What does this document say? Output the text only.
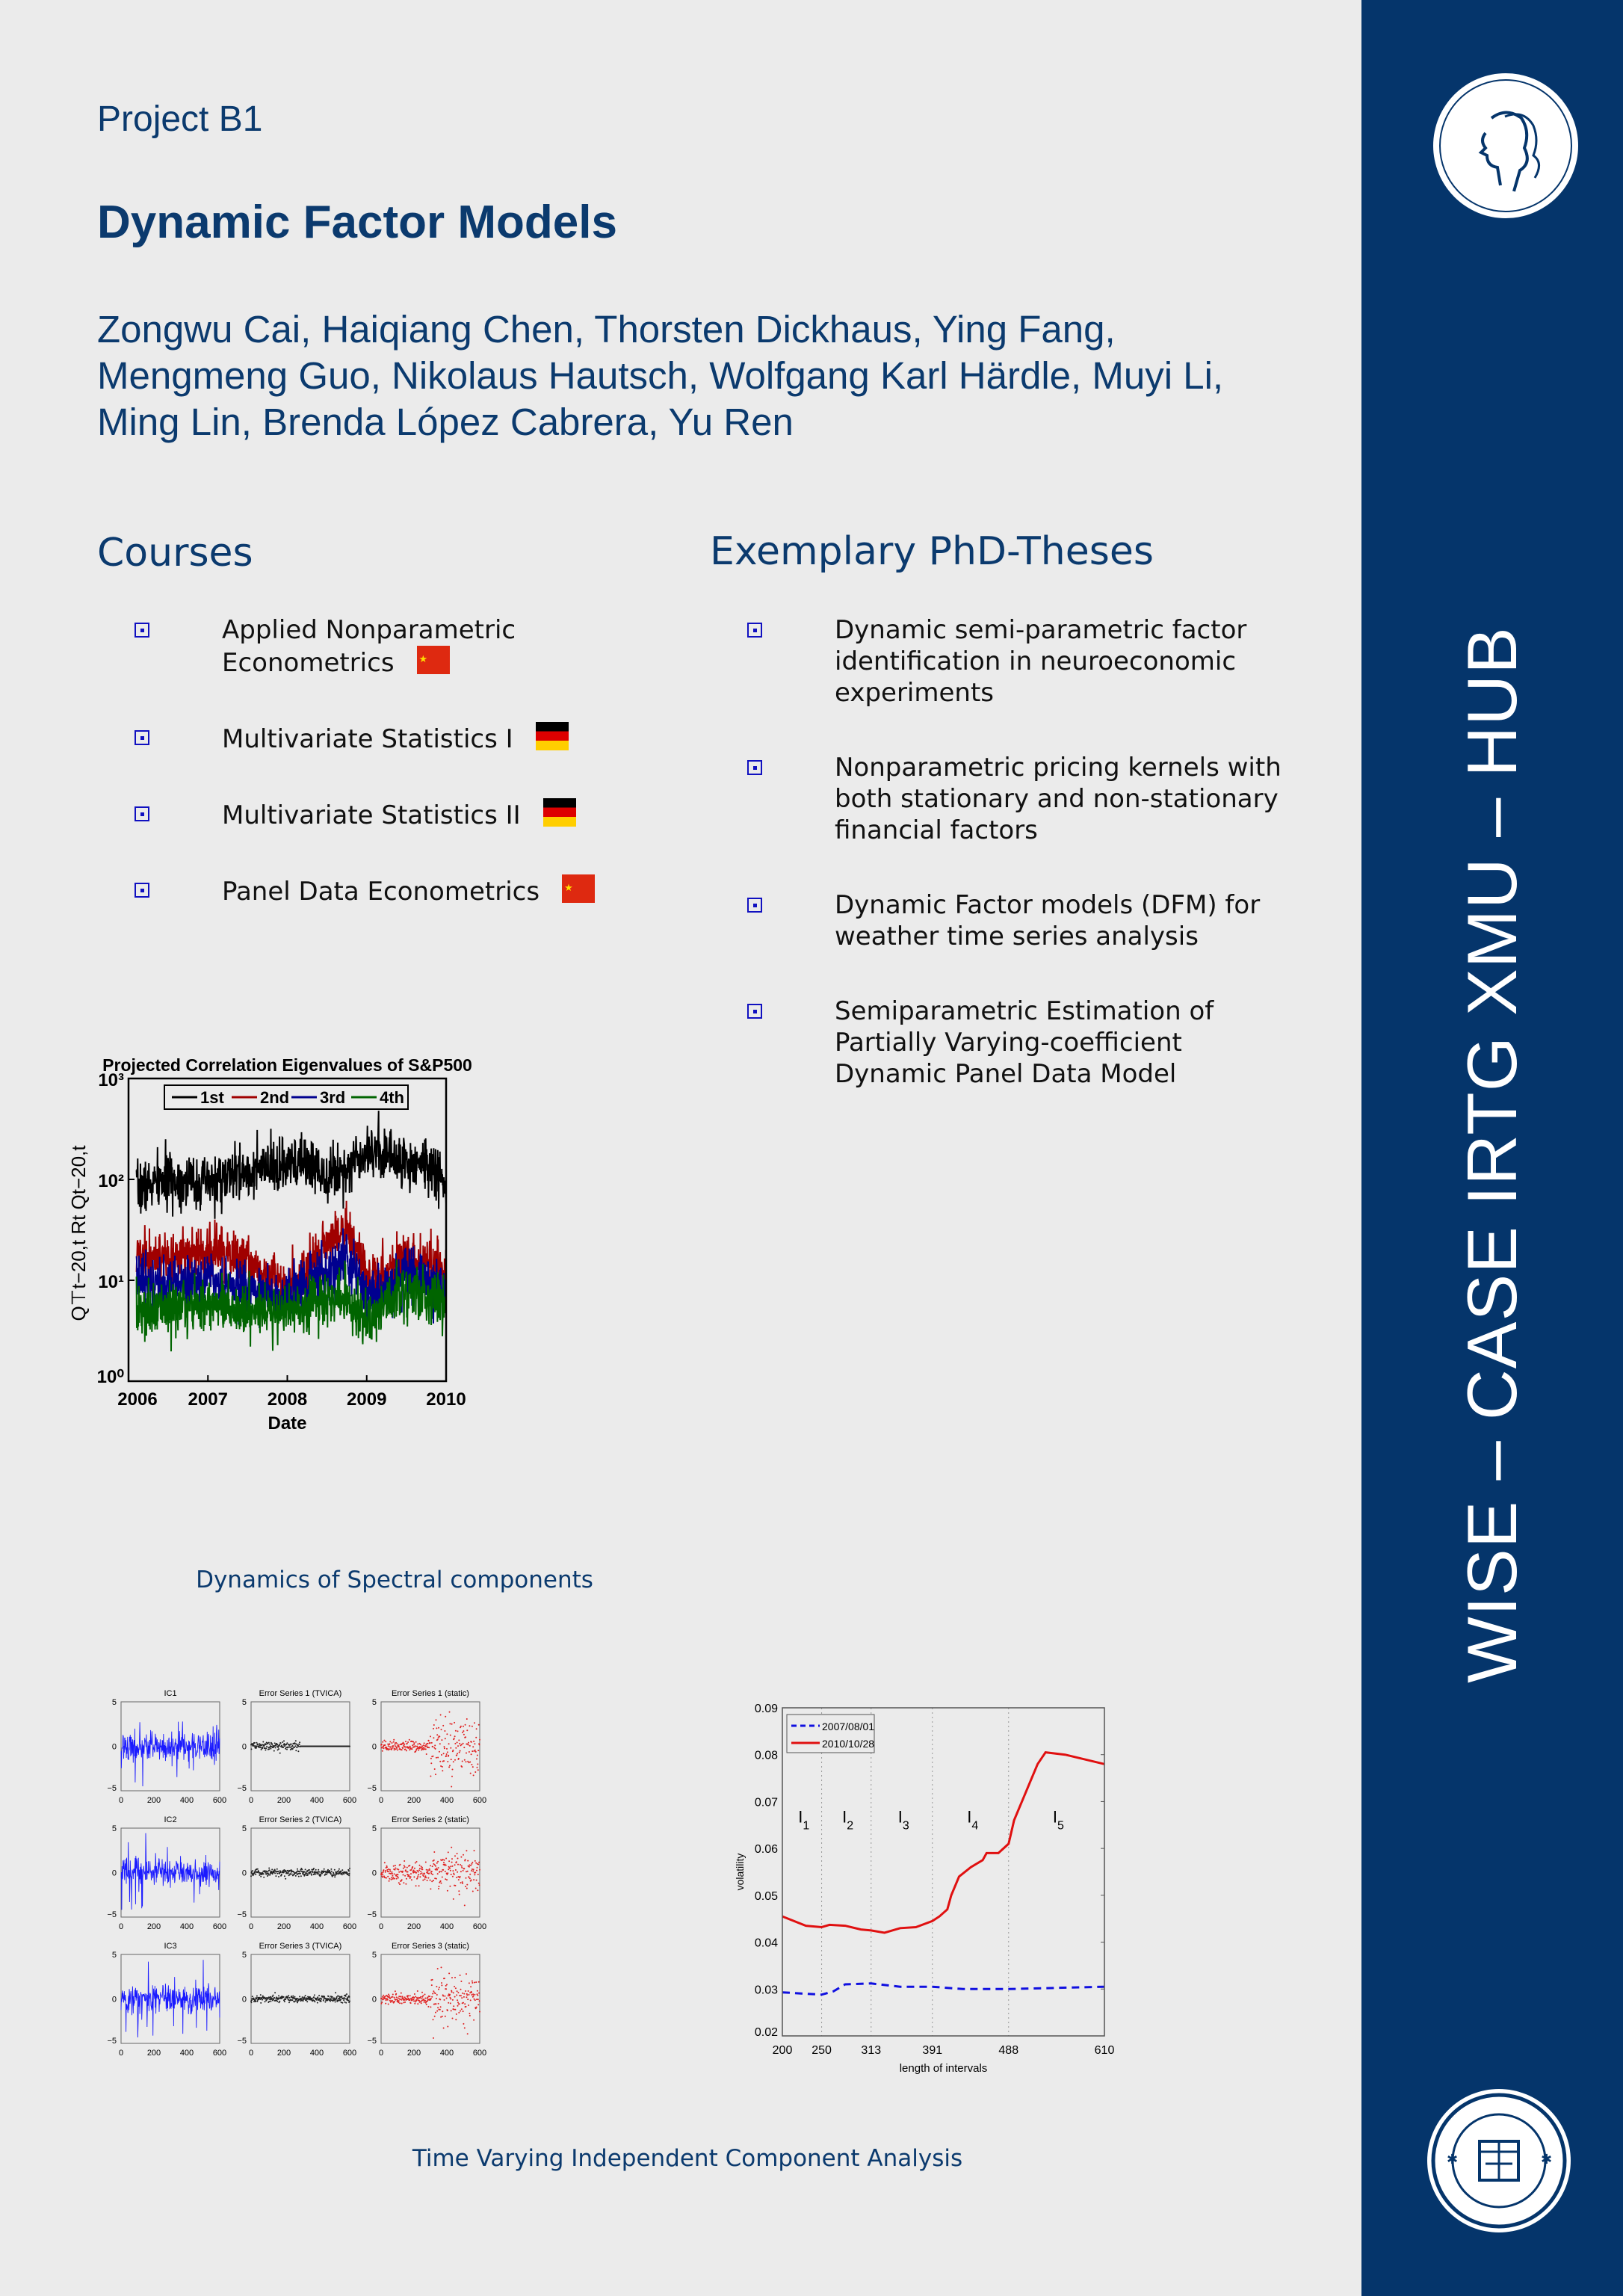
✱	✱
WISE – CASE IRTG XMU – HUB
Project B1
Dynamic Factor Models
Zongwu Cai, Haiqiang Chen, Thorsten Dickhaus, Ying Fang,
Mengmeng Guo, Nikolaus Hautsch, Wolfgang Karl Härdle, Muyi Li,
Ming Lin, Brenda López Cabrera, Yu Ren
Courses	Exemplary PhD-Theses
Applied Nonparametric Econometrics★
Multivariate Statistics I
Multivariate Statistics II
Panel Data Econometrics★
Dynamic semi-parametric factor identification in neuroeconomic experiments
Nonparametric pricing kernels with both stationary and non-stationary financial factors
Dynamic Factor models (DFM) for weather time series analysis
Semiparametric Estimation of Partially Varying-coefficient Dynamic Panel Data Model
Projected Correlation Eigenvalues of S&P500
2006 2007 2008 2009 2010
10⁰
10¹
10²
10³
Date
Q⊤t−20,t Rt Qt−20,t
1st 2nd 3rd 4th
IC1
0	200 400 600
−5
0
5
Error Series 1 (TVICA)
0	200 400 600
−5
0
5
Error Series 1 (static)
0	200 400 600
−5
0
5
IC2
0	200 400 600
−5
0
5
Error Series 2 (TVICA)
0	200 400 600
−5
0
5
Error Series 2 (static)
0	200 400 600
−5
0
5
IC3
0	200 400 600
−5
0
5
Error Series 3 (TVICA)
0	200 400 600
−5
0
5
Error Series 3 (static)
0	200 400 600
−5
0
5
200 250 313	391	488	610
0.02
0.03
0.04
0.05
0.06
0.07
0.08
0.09
length of intervals
volatility
$I_1$ $I_2$	$I_3$	$I_4$	$I_5$
2007/08/01
2010/10/28
Dynamics of Spectral components
Time Varying Independent Component Analysis
